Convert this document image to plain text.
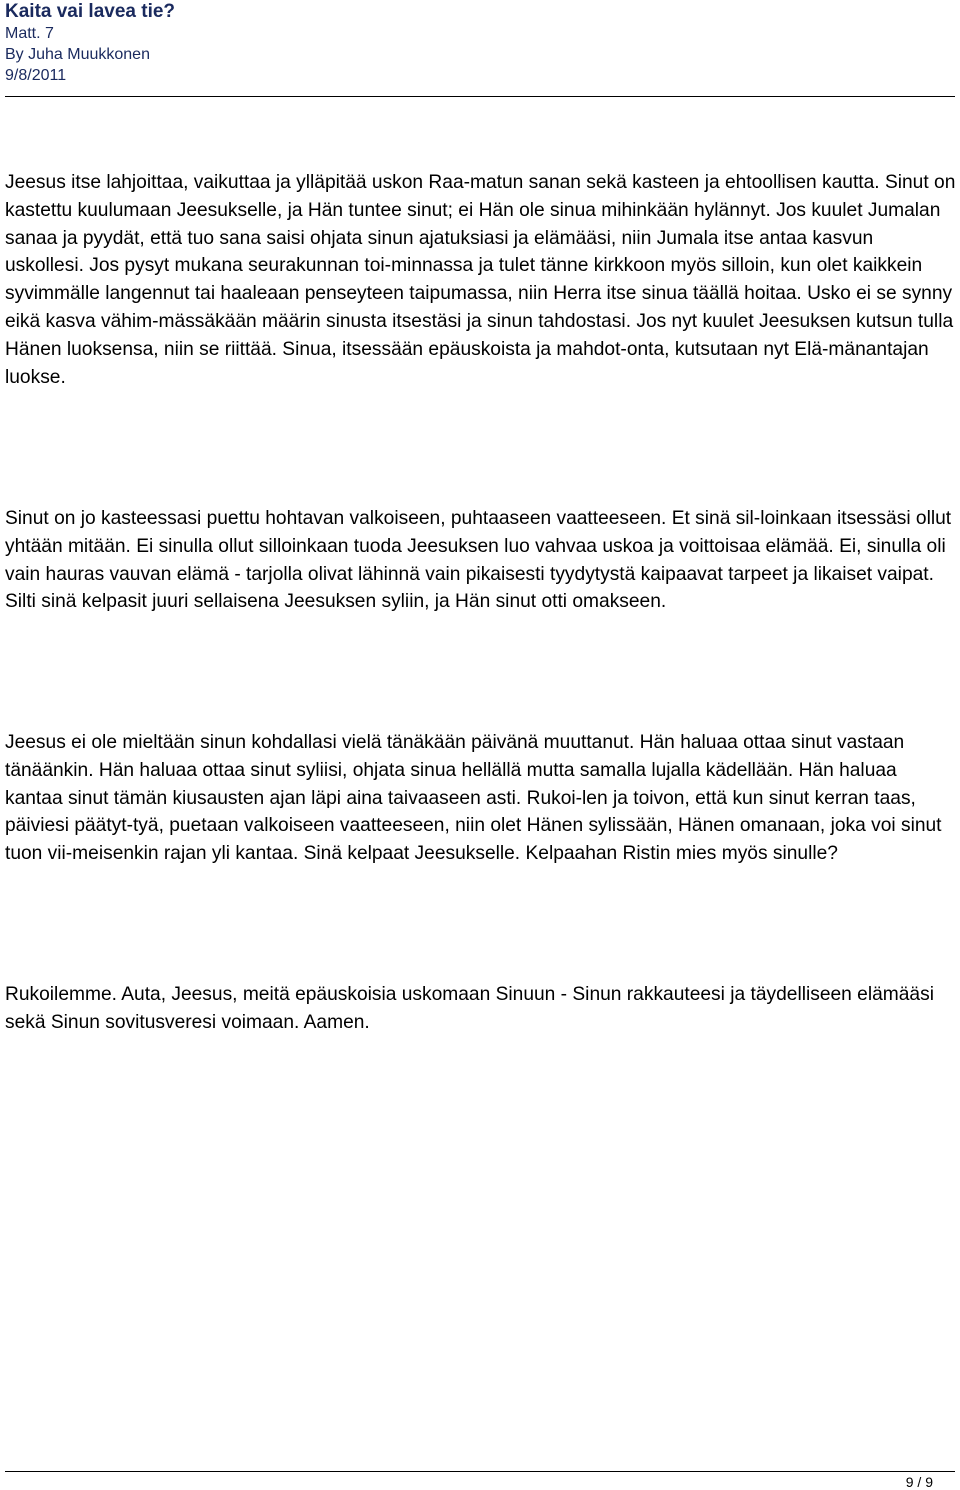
Kaita vai lavea tie?
Matt. 7
By Juha Muukkonen
9/8/2011

Jeesus itse lahjoittaa, vaikuttaa ja ylläpitää uskon Raa-matun sanan sekä kasteen ja ehtoollisen kautta. Sinut on kastettu kuulumaan Jeesukselle, ja Hän tuntee sinut; ei Hän ole sinua mihinkään hylännyt. Jos kuulet Jumalan sanaa ja pyydät, että tuo sana saisi ohjata sinun ajatuksiasi ja elämääsi, niin Jumala itse antaa kasvun uskollesi. Jos pysyt mukana seurakunnan toi-minnassa ja tulet tänne kirkkoon myös silloin, kun olet kaikkein syvimmälle langennut tai haaleaan penseyteen taipumassa, niin Herra itse sinua täällä hoitaa. Usko ei se synny eikä kasva vähim-mässäkään määrin sinusta itsestäsi ja sinun tahdostasi. Jos nyt kuulet Jeesuksen kutsun tulla Hänen luoksensa, niin se riittää. Sinua, itsessään epäuskoista ja mahdot-onta, kutsutaan nyt Elä-mänantajan luokse.

Sinut on jo kasteessasi puettu hohtavan valkoiseen, puhtaaseen vaatteeseen. Et sinä sil-loinkaan itsessäsi ollut yhtään mitään. Ei sinulla ollut silloinkaan tuoda Jeesuksen luo vahvaa uskoa ja voittoisaa elämää. Ei, sinulla oli vain hauras vauvan elämä - tarjolla olivat lähinnä vain pikaisesti tyydytystä kaipaavat tarpeet ja likaiset vaipat. Silti sinä kelpasit juuri sellaisena Jeesuksen syliin, ja Hän sinut otti omakseen.

Jeesus ei ole mieltään sinun kohdallasi vielä tänäkään päivänä muuttanut. Hän haluaa ottaa sinut vastaan tänäänkin. Hän haluaa ottaa sinut syliisi, ohjata sinua hellällä mutta samalla lujalla kädellään. Hän haluaa kantaa sinut tämän kiusausten ajan läpi aina taivaaseen asti. Rukoi-len ja toivon, että kun sinut kerran taas, päiviesi päätyt-tyä, puetaan valkoiseen vaatteeseen, niin olet Hänen sylissään, Hänen omanaan, joka voi sinut tuon vii-meisenkin rajan yli kantaa. Sinä kelpaat Jeesukselle. Kelpaahan Ristin mies myös sinulle?

Rukoilemme. Auta, Jeesus, meitä epäuskoisia uskomaan Sinuun - Sinun rakkauteesi ja täydelliseen elämääsi sekä Sinun sovitusveresi voimaan. Aamen.

9 / 9
